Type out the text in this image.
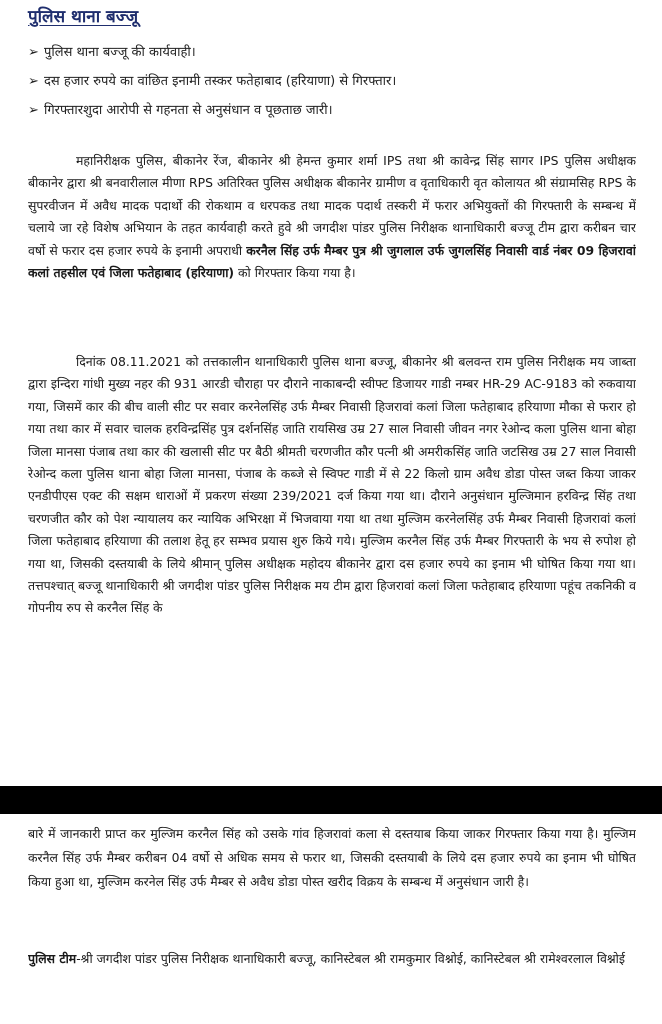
पुलिस थाना बज्जू
➢ पुलिस थाना बज्जू की कार्यवाही।
➢ दस हजार रुपये का वांछित इनामी तस्कर फतेहाबाद (हरियाणा) से गिरफ्तार।
➢ गिरफ्तारशुदा आरोपी से गहनता से अनुसंधान व पूछताछ जारी।

महानिरीक्षक पुलिस, बीकानेर रेंज, बीकानेर श्री हेमन्त कुमार शर्मा IPS तथा श्री कावेन्द्र सिंह सागर IPS पुलिस अधीक्षक बीकानेर द्वारा श्री बनवारीलाल मीणा RPS अतिरिक्त पुलिस अधीक्षक बीकानेर ग्रामीण व वृताधिकारी वृत कोलायत श्री संग्रामसिह RPS के सुपरवीजन में अवैध मादक पदार्थो की रोकथाम व धरपकड तथा मादक पदार्थ तस्करी में फरार अभियुक्तों की गिरफ्तारी के सम्बन्ध में चलाये जा रहे विशेष अभियान के तहत कार्यवाही करते हुवे श्री जगदीश पांडर पुलिस निरीक्षक थानाधिकारी बज्जू टीम द्वारा करीबन चार वर्षो से फरार दस हजार रुपये के इनामी अपराधी करनैल सिंह उर्फ मैम्बर पुत्र श्री जुगलाल उर्फ जुगलसिंह निवासी वार्ड नंबर 09 हिजरावां कलां तहसील एवं जिला फतेहाबाद (हरियाणा) को गिरफ्तार किया गया है।

दिनांक 08.11.2021 को तत्तकालीन थानाधिकारी पुलिस थाना बज्जू, बीकानेर श्री बलवन्त राम पुलिस निरीक्षक मय जाब्ता द्वारा इन्दिरा गांधी मुख्य नहर की 931 आरडी चौराहा पर दौराने नाकाबन्दी स्वीफ्ट डिजायर गाडी नम्बर HR-29 AC-9183 को रुकवाया गया, जिसमें कार की बीच वाली सीट पर सवार करनेलसिंह उर्फ मैम्बर निवासी हिजरावां कलां जिला फतेहाबाद हरियाणा मौका से फरार हो गया तथा कार में सवार चालक हरविन्द्रसिंह पुत्र दर्शनसिंह जाति रायसिख उम्र 27 साल निवासी जीवन नगर रेओन्द कला पुलिस थाना बोहा जिला मानसा पंजाब तथा कार की खलासी सीट पर बैठी श्रीमती चरणजीत कौर पत्नी श्री अमरीकसिंह जाति जटसिख उम्र 27 साल निवासी रेओन्द कला पुलिस थाना बोहा जिला मानसा, पंजाब के कब्जे से स्विफ्ट गाडी में से 22 किलो ग्राम अवैध डोडा पोस्त जब्त किया जाकर एनडीपीएस एक्ट की सक्षम धाराओं में प्रकरण संख्या 239/2021 दर्ज किया गया था। दौराने अनुसंधान मुल्जिमान हरविन्द्र सिंह तथा चरणजीत कौर को पेश न्यायालय कर न्यायिक अभिरक्षा में भिजवाया गया था तथा मुल्जिम करनेलसिंह उर्फ मैम्बर निवासी हिजरावां कलां जिला फतेहाबाद हरियाणा की तलाश हेतू हर सम्भव प्रयास शुरु किये गये। मुल्जिम करनैल सिंह उर्फ मैम्बर गिरफ्तारी के भय से रुपोश हो गया था, जिसकी दस्तयाबी के लिये श्रीमान् पुलिस अधीक्षक महोदय बीकानेर द्वारा दस हजार रुपये का इनाम भी घोषित किया गया था। तत्तपश्चात् बज्जू थानाधिकारी श्री जगदीश पांडर पुलिस निरीक्षक मय टीम द्वारा हिजरावां कलां जिला फतेहाबाद हरियाणा पहूंच तकनिकी व गोपनीय रुप से करनैल सिंह के

बारे में जानकारी प्राप्त कर मुल्जिम करनैल सिंह को उसके गांव हिजरावां कला से दस्तयाब किया जाकर गिरफ्तार किया गया है। मुल्जिम करनैल सिंह उर्फ मैम्बर करीबन 04 वर्षो से अधिक समय से फरार था, जिसकी दस्तयाबी के लिये दस हजार रुपये का इनाम भी घोषित किया हुआ था, मुल्जिम करनेल सिंह उर्फ मैम्बर से अवैध डोडा पोस्त खरीद विक्रय के सम्बन्ध में अनुसंधान जारी है।

पुलिस टीम-श्री जगदीश पांडर पुलिस निरीक्षक थानाधिकारी बज्जू, कानिस्टेबल श्री रामकुमार विश्नोई, कानिस्टेबल श्री रामेश्वरलाल विश्नोई
